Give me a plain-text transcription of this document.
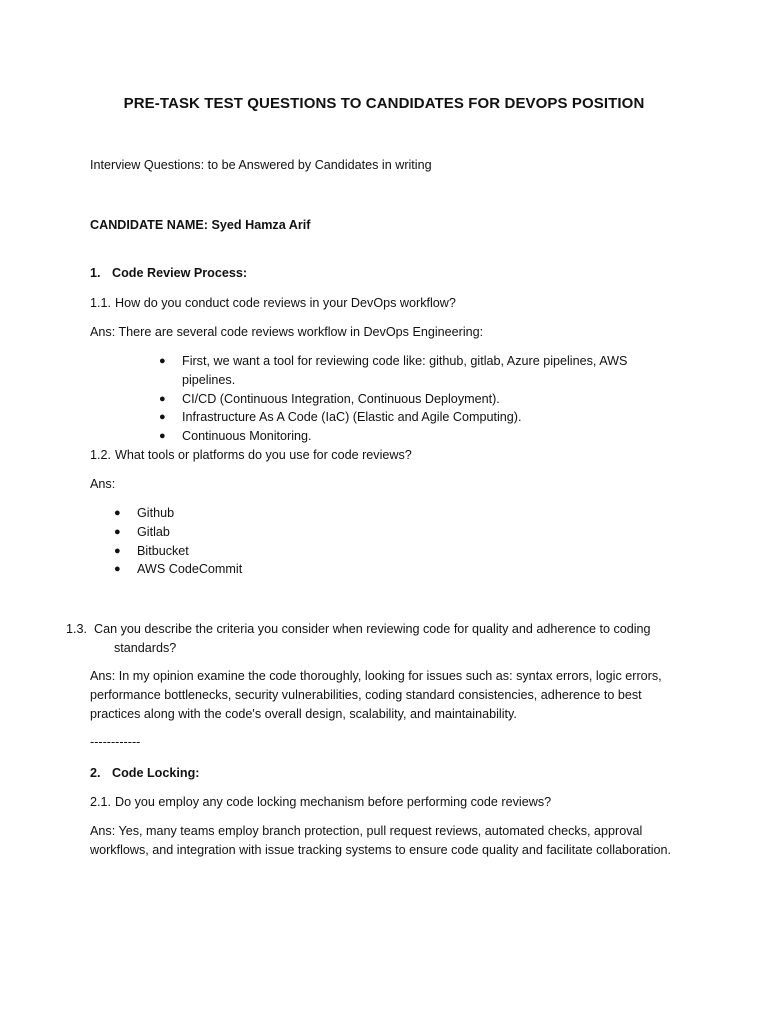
PRE-TASK TEST QUESTIONS TO CANDIDATES FOR DEVOPS POSITION
Interview Questions: to be Answered by Candidates in writing
CANDIDATE NAME: Syed Hamza Arif
1. Code Review Process:
1.1. How do you conduct code reviews in your DevOps workflow?
Ans: There are several code reviews workflow in DevOps Engineering:
● First, we want a tool for reviewing code like: github, gitlab, Azure pipelines, AWS pipelines.
● CI/CD (Continuous Integration, Continuous Deployment).
● Infrastructure As A Code (IaC) (Elastic and Agile Computing).
● Continuous Monitoring.
1.2. What tools or platforms do you use for code reviews?
Ans:
● Github
● Gitlab
● Bitbucket
● AWS CodeCommit
1.3. Can you describe the criteria you consider when reviewing code for quality and adherence to coding standards?
Ans: In my opinion examine the code thoroughly, looking for issues such as: syntax errors, logic errors, performance bottlenecks, security vulnerabilities, coding standard consistencies, adherence to best practices along with the code's overall design, scalability, and maintainability.
------------
2. Code Locking:
2.1. Do you employ any code locking mechanism before performing code reviews?
Ans: Yes, many teams employ branch protection, pull request reviews, automated checks, approval workflows, and integration with issue tracking systems to ensure code quality and facilitate collaboration.
